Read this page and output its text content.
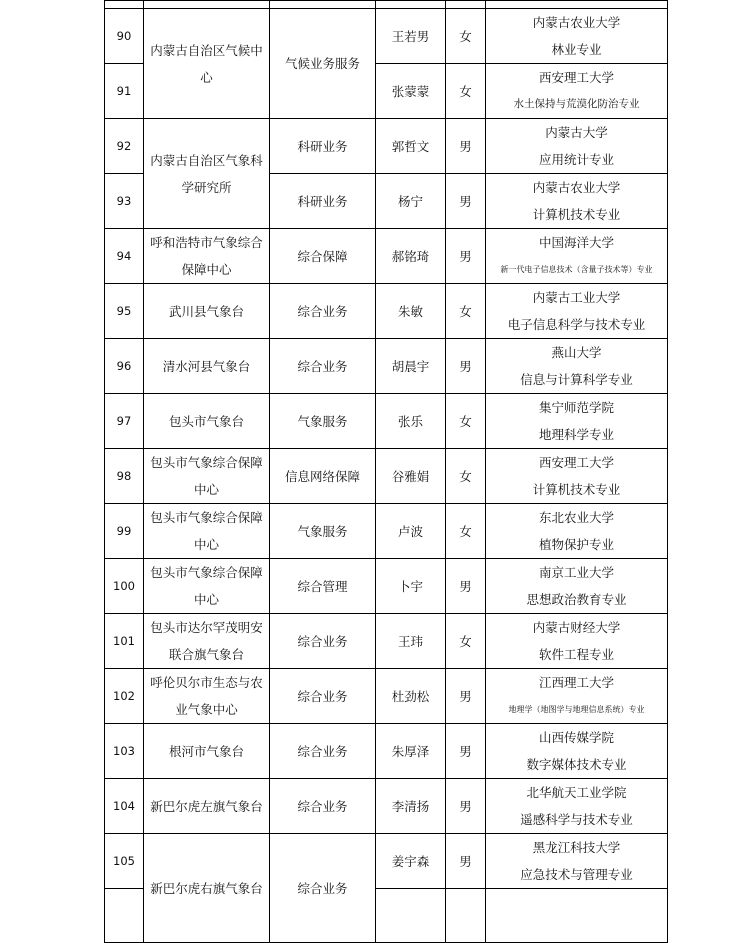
90	内蒙古自治区气候中心	气候业务服务	王若男	女	内蒙古农业大学
林业专业

91			张蒙蒙	女	西安理工大学
水土保持与荒漠化防治专业

92	内蒙古自治区气象科学研究所	科研业务	郭哲文	男	内蒙古大学
应用统计专业

93		科研业务	杨宁	男	内蒙古农业大学
计算机技术专业

94	呼和浩特市气象综合保障中心	综合保障	郝铭琦	男	中国海洋大学
新一代电子信息技术（含量子技术等）专业

95	武川县气象台	综合业务	朱敏	女	内蒙古工业大学
电子信息科学与技术专业

96	清水河县气象台	综合业务	胡晨宇	男	燕山大学
信息与计算科学专业

97	包头市气象台	气象服务	张乐	女	集宁师范学院
地理科学专业

98	包头市气象综合保障中心	信息网络保障	谷雅娟	女	西安理工大学
计算机技术专业

99	包头市气象综合保障中心	气象服务	卢波	女	东北农业大学
植物保护专业

100	包头市气象综合保障中心	综合管理	卜宇	男	南京工业大学
思想政治教育专业

101	包头市达尔罕茂明安联合旗气象台	综合业务	王玮	女	内蒙古财经大学
软件工程专业

102	呼伦贝尔市生态与农业气象中心	综合业务	杜劲松	男	江西理工大学
地理学（地图学与地理信息系统）专业

103	根河市气象台	综合业务	朱厚泽	男	山西传媒学院
数字媒体技术专业

104	新巴尔虎左旗气象台	综合业务	李清扬	男	北华航天工业学院
遥感科学与技术专业

105	新巴尔虎右旗气象台	综合业务	姜宇森	男	黑龙江科技大学
应急技术与管理专业
